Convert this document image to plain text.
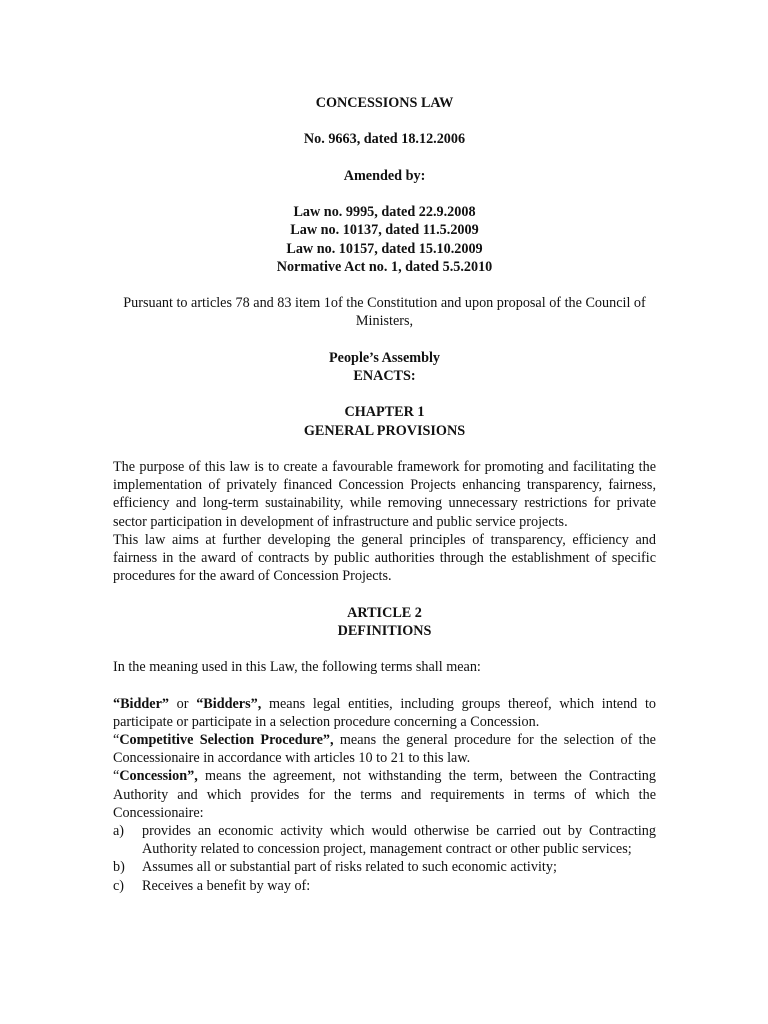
CONCESSIONS LAW

No. 9663, dated 18.12.2006

Amended by:

Law no. 9995, dated 22.9.2008

Law no. 10137, dated 11.5.2009

Law no. 10157, dated 15.10.2009

Normative Act no. 1, dated 5.5.2010

Pursuant to articles 78 and 83 item 1of the Constitution and upon proposal of the Council of Ministers,

People’s Assembly

ENACTS:

CHAPTER 1

GENERAL PROVISIONS

The purpose of this law is to create a favourable framework for promoting and facilitating the implementation of privately financed Concession Projects enhancing transparency, fairness, efficiency and long-term sustainability, while removing unnecessary restrictions for private sector participation in development of infrastructure and public service projects.

This law aims at further developing the general principles of transparency, efficiency and fairness in the award of contracts by public authorities through the establishment of specific procedures for the award of Concession Projects.

ARTICLE 2

DEFINITIONS

In the meaning used in this Law, the following terms shall mean:

“Bidder” or “Bidders”, means legal entities, including groups thereof, which intend to participate or participate in a selection procedure concerning a Concession.

“Competitive Selection Procedure”, means the general procedure for the selection of the Concessionaire in accordance with articles 10 to 21 to this law.

“Concession”, means the agreement, not withstanding the term, between the Contracting Authority and which provides for the terms and requirements in terms of which the Concessionaire:

a)	provides an economic activity which would otherwise be carried out by Contracting Authority related to concession project, management contract or other public services;
b)	Assumes all or substantial part of risks related to such economic activity;
c)	Receives a benefit by way of:
